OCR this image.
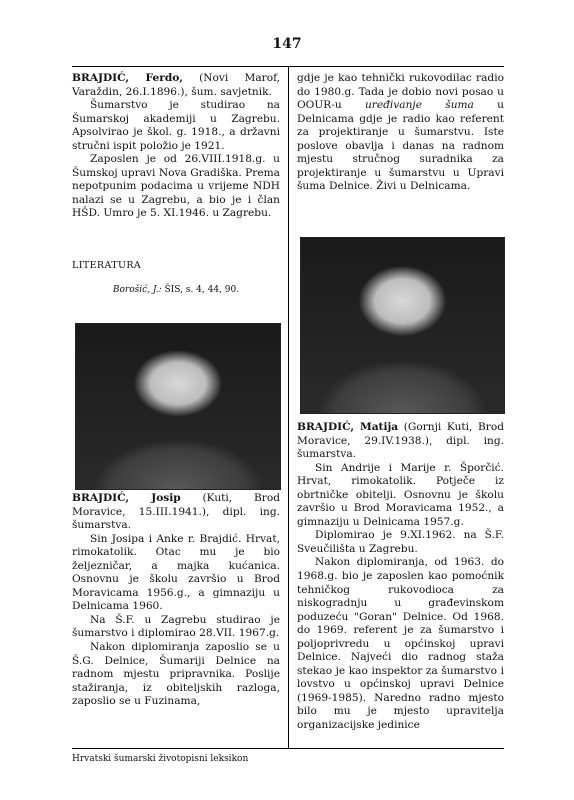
147

BRAJDIĆ, Ferdo, (Novi Marof, Varaždin, 26.I.1896.), šum. savjetnik.

Šumarstvo je studirao na Šumarskoj akademiji u Zagrebu. Apsolvirao je škol. g. 1918., a državni stručni ispit položio je 1921.

Zaposlen je od 26.VIII.1918.g. u Šumskoj upravi Nova Gradiška. Prema nepotpunim podacima u vrijeme NDH nalazi se u Zagrebu, a bio je i član HŠD. Umro je 5. XI.1946. u Zagrebu.

LITERATURA
Borošić, J.: ŠIS, s. 4, 44, 90.

BRAJDIĆ, Josip (Kuti, Brod Moravice, 15.III.1941.), dipl. ing. šumarstva.

Sin Josipa i Anke r. Brajdić. Hrvat, rimokatolik. Otac mu je bio željezničar, a majka kućanica. Osnovnu je školu završio u Brod Moravicama 1956.g., a gimnaziju u Delnicama 1960.

Na Š.F. u Zagrebu studirao je šumarstvo i diplomirao 28.VII. 1967.g.

Nakon diplomiranja zaposlio se u Š.G. Delnice, Šumariji Delnice na radnom mjestu pripravnika. Poslije stažiranja, iz obiteljskih razloga, zaposlio se u Fuzinama,

gdje je kao tehnički rukovodilac radio do 1980.g. Tada je dobio novi posao u OOUR-u uređivanje šuma u Delnicama gdje je radio kao referent za projektiranje u šumarstvu. Iste poslove obavlja i danas na radnom mjestu stručnog suradnika za projektiranje u šumarstvu u Upravi šuma Delnice. Živi u Delnicama.

BRAJDIĆ, Matija (Gornji Kuti, Brod Moravice, 29.IV.1938.), dipl. ing. šumarstva.

Sin Andrije i Marije r. Šporčić. Hrvat, rimokatolik. Potječe iz obrtničke obitelji. Osnovnu je školu završio u Brod Moravicama 1952., a gimnaziju u Delnicama 1957.g.

Diplomirao je 9.XI.1962. na Š.F. Sveučilišta u Zagrebu.

Nakon diplomiranja, od 1963. do 1968.g. bio je zaposlen kao pomoćnik tehničkog rukovodioca za niskogradnju u građevinskom poduzeću "Goran" Delnice. Od 1968. do 1969. referent je za šumarstvo i poljoprivredu u općinskoj upravi Delnice. Najveći dio radnog staža stekao je kao inspektor za šumarstvo i lovstvo u općinskoj upravi Delnice (1969-1985). Naredno radno mjesto bilo mu je mjesto upravitelja organizacijske jedinice

Hrvatski šumarski životopisni leksikon
